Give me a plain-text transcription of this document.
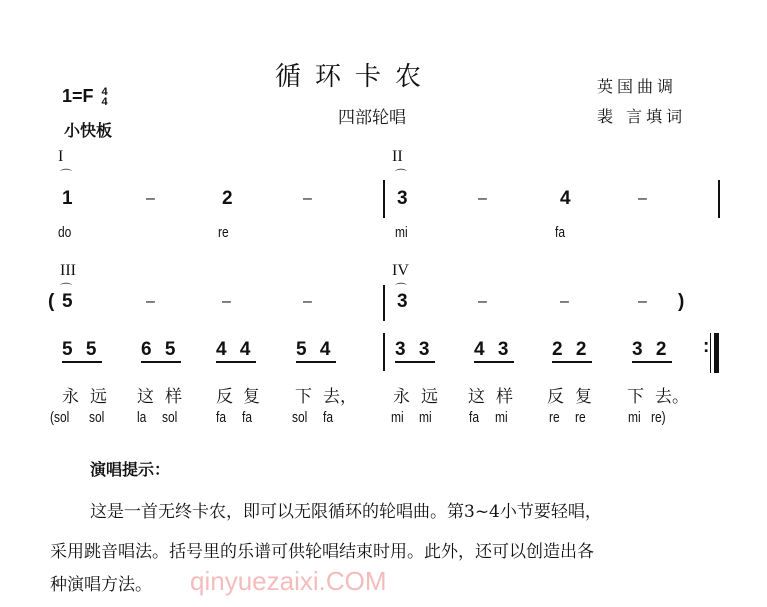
循环卡农
1=F 4
4
小快板
四部轮唱
英国曲调
裴 言填词
I	II
⌒	⌒
1	–	2	–	3	–	4	–
do	re	mi	fa
III	IV
⌒	⌒
( 5	–	–	–	3	–	–	– )
5 5 6 5 4 4 5 4	3 3 4 3 2 2 3 2 :
永 远 这 样 反 复 下 去， 永 远 这 样 反 复 下 去。
(sol sol la sol	fa fa	sol fa	mi mi fa mi	re re	mi re)
演唱提示：
这是一首无终卡农，即可以无限循环的轮唱曲。第3~4小节要轻唱，
采用跳音唱法。括号里的乐谱可供轮唱结束时用。此外，还可以创造出各
种演唱方法。 qinyuezaixi.COM
